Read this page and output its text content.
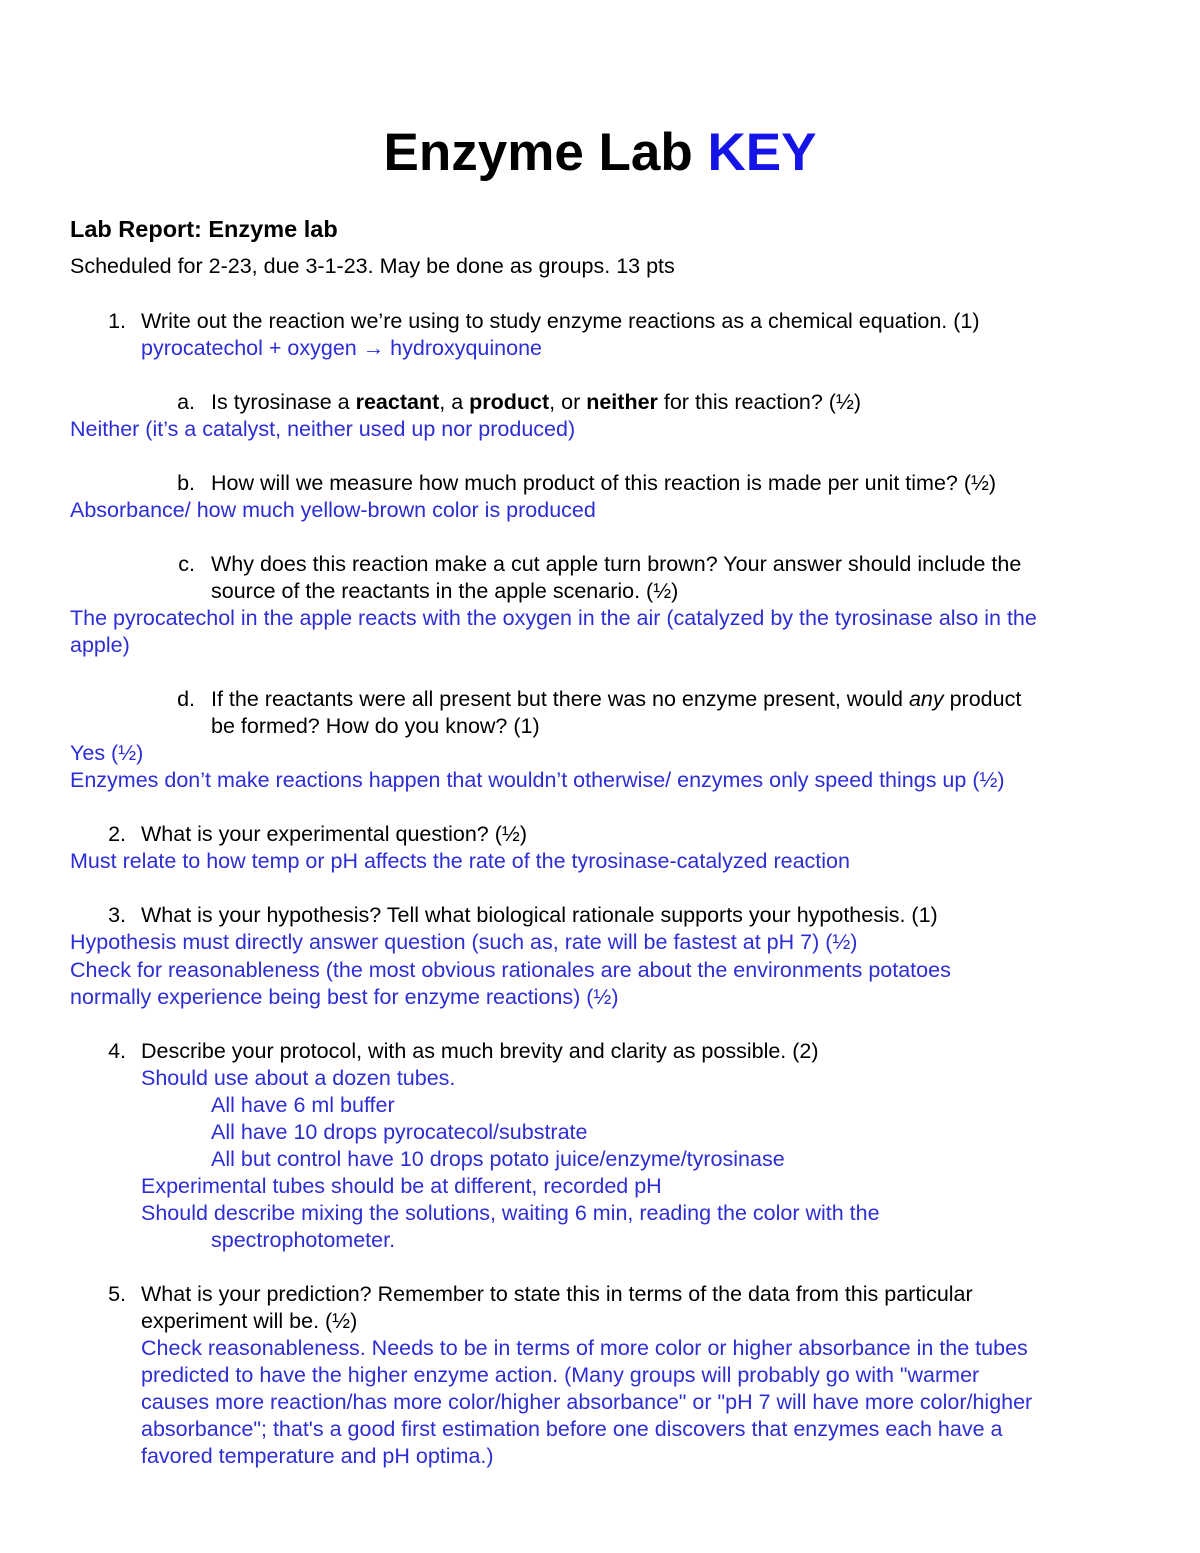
Enzyme Lab KEY
Lab Report: Enzyme lab
Scheduled for 2-23, due 3-1-23. May be done as groups. 13 pts
1. Write out the reaction we’re using to study enzyme reactions as a chemical equation. (1)
pyrocatechol + oxygen → hydroxyquinone
a. Is tyrosinase a reactant, a product, or neither for this reaction? (½)
Neither (it’s a catalyst, neither used up nor produced)
b. How will we measure how much product of this reaction is made per unit time? (½)
Absorbance/ how much yellow-brown color is produced
c. Why does this reaction make a cut apple turn brown? Your answer should include the
source of the reactants in the apple scenario. (½)
The pyrocatechol in the apple reacts with the oxygen in the air (catalyzed by the tyrosinase also in the
apple)
d. If the reactants were all present but there was no enzyme present, would any product
be formed? How do you know? (1)
Yes (½)
Enzymes don’t make reactions happen that wouldn’t otherwise/ enzymes only speed things up (½)
2. What is your experimental question? (½)
Must relate to how temp or pH affects the rate of the tyrosinase-catalyzed reaction
3. What is your hypothesis? Tell what biological rationale supports your hypothesis. (1)
Hypothesis must directly answer question (such as, rate will be fastest at pH 7) (½)
Check for reasonableness (the most obvious rationales are about the environments potatoes
normally experience being best for enzyme reactions) (½)
4. Describe your protocol, with as much brevity and clarity as possible. (2)
Should use about a dozen tubes.
All have 6 ml buffer
All have 10 drops pyrocatecol/substrate
All but control have 10 drops potato juice/enzyme/tyrosinase
Experimental tubes should be at different, recorded pH
Should describe mixing the solutions, waiting 6 min, reading the color with the
spectrophotometer.
5. What is your prediction? Remember to state this in terms of the data from this particular
experiment will be. (½)
Check reasonableness. Needs to be in terms of more color or higher absorbance in the tubes
predicted to have the higher enzyme action. (Many groups will probably go with "warmer
causes more reaction/has more color/higher absorbance" or "pH 7 will have more color/higher
absorbance"; that's a good first estimation before one discovers that enzymes each have a
favored temperature and pH optima.)
